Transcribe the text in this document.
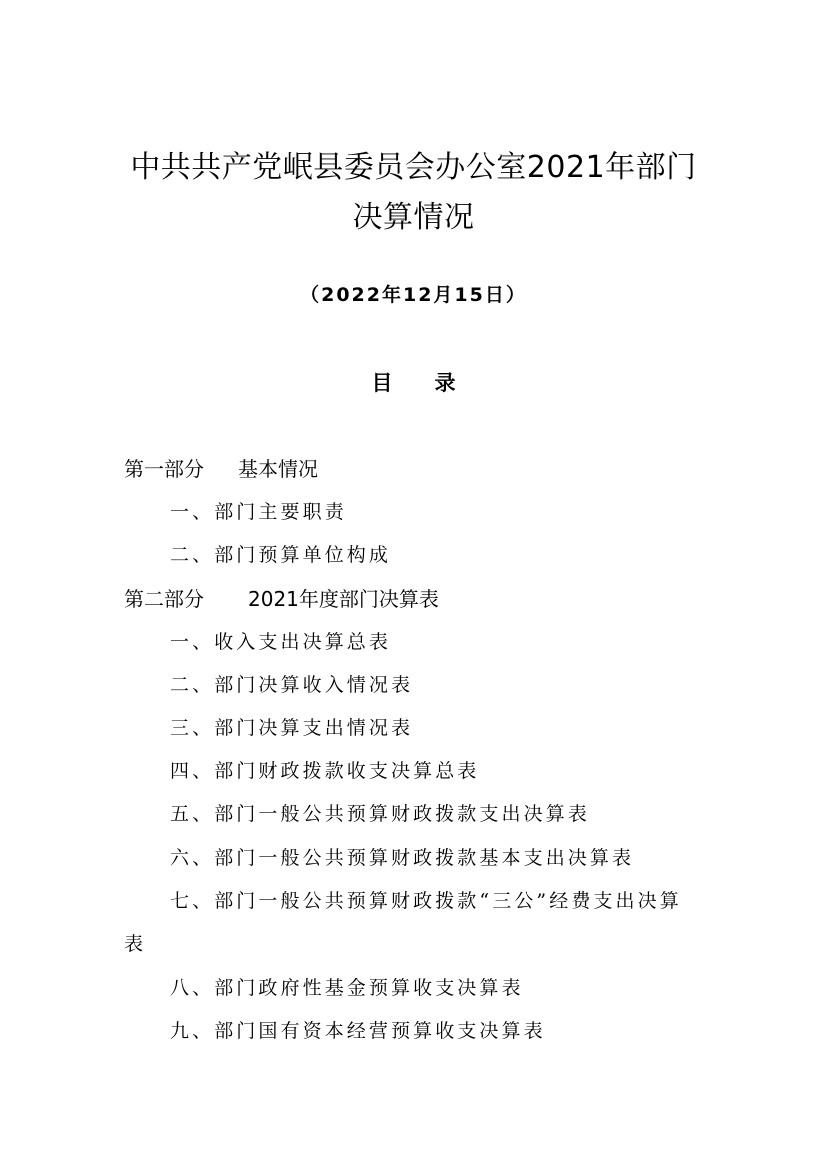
中共共产党岷县委员会办公室2021年部门
决算情况
（2022年12月15日）
目 录
第一部分 基本情况
一、部门主要职责
二、部门预算单位构成
第二部分 2021年度部门决算表
一、收入支出决算总表
二、部门决算收入情况表
三、部门决算支出情况表
四、部门财政拨款收支决算总表
五、部门一般公共预算财政拨款支出决算表
六、部门一般公共预算财政拨款基本支出决算表
七、部门一般公共预算财政拨款“三公”经费支出决算
表
八、部门政府性基金预算收支决算表
九、部门国有资本经营预算收支决算表
